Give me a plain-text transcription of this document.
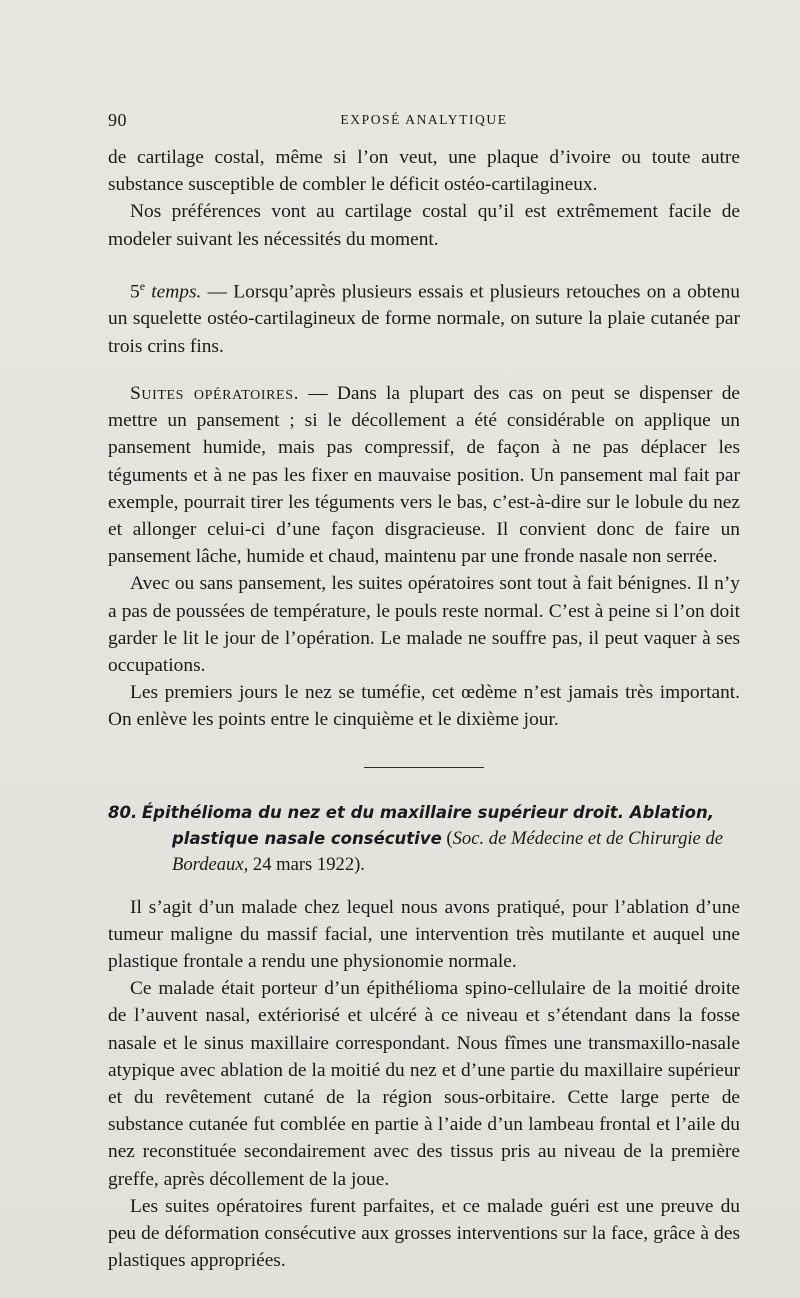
90	EXPOSÉ ANALYTIQUE

de cartilage costal, même si l’on veut, une plaque d’ivoire ou toute autre substance susceptible de combler le déficit ostéo-cartilagineux.

Nos préférences vont au cartilage costal qu’il est extrêmement facile de modeler suivant les nécessités du moment.

5e temps. — Lorsqu’après plusieurs essais et plusieurs retouches on a obtenu un squelette ostéo-cartilagineux de forme normale, on suture la plaie cutanée par trois crins fins.

Suites opératoires. — Dans la plupart des cas on peut se dispenser de mettre un pansement ; si le décollement a été considérable on applique un pansement humide, mais pas compressif, de façon à ne pas déplacer les téguments et à ne pas les fixer en mauvaise position. Un pansement mal fait par exemple, pourrait tirer les téguments vers le bas, c’est-à-dire sur le lobule du nez et allonger celui-ci d’une façon disgracieuse. Il convient donc de faire un pansement lâche, humide et chaud, maintenu par une fronde nasale non serrée.

Avec ou sans pansement, les suites opératoires sont tout à fait bénignes. Il n’y a pas de poussées de température, le pouls reste normal. C’est à peine si l’on doit garder le lit le jour de l’opération. Le malade ne souffre pas, il peut vaquer à ses occupations.

Les premiers jours le nez se tuméfie, cet œdème n’est jamais très important. On enlève les points entre le cinquième et le dixième jour.

80. Épithélioma du nez et du maxillaire supérieur droit. Ablation, plastique nasale consécutive (Soc. de Médecine et de Chirurgie de Bordeaux, 24 mars 1922).

Il s’agit d’un malade chez lequel nous avons pratiqué, pour l’ablation d’une tumeur maligne du massif facial, une intervention très mutilante et auquel une plastique frontale a rendu une physionomie normale.

Ce malade était porteur d’un épithélioma spino-cellulaire de la moitié droite de l’auvent nasal, extériorisé et ulcéré à ce niveau et s’étendant dans la fosse nasale et le sinus maxillaire correspondant. Nous fîmes une transmaxillo-nasale atypique avec ablation de la moitié du nez et d’une partie du maxillaire supérieur et du revêtement cutané de la région sous-orbitaire. Cette large perte de substance cutanée fut comblée en partie à l’aide d’un lambeau frontal et l’aile du nez reconstituée secondairement avec des tissus pris au niveau de la première greffe, après décollement de la joue.

Les suites opératoires furent parfaites, et ce malade guéri est une preuve du peu de déformation consécutive aux grosses interventions sur la face, grâce à des plastiques appropriées.
